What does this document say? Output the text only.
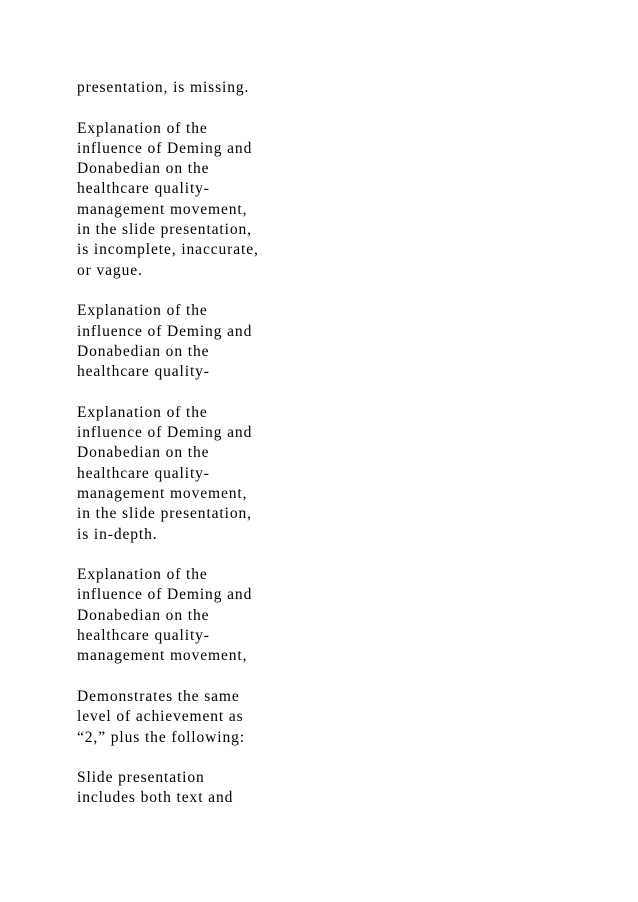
presentation, is missing.

Explanation of the
influence of Deming and
Donabedian on the
healthcare quality-
management movement,
in the slide presentation,
is incomplete, inaccurate,
or vague.

Explanation of the
influence of Deming and
Donabedian on the
healthcare quality-

Explanation of the
influence of Deming and
Donabedian on the
healthcare quality-
management movement,
in the slide presentation,
is in-depth.

Explanation of the
influence of Deming and
Donabedian on the
healthcare quality-
management movement,

Demonstrates the same
level of achievement as
“2,” plus the following:

Slide presentation
includes both text and
